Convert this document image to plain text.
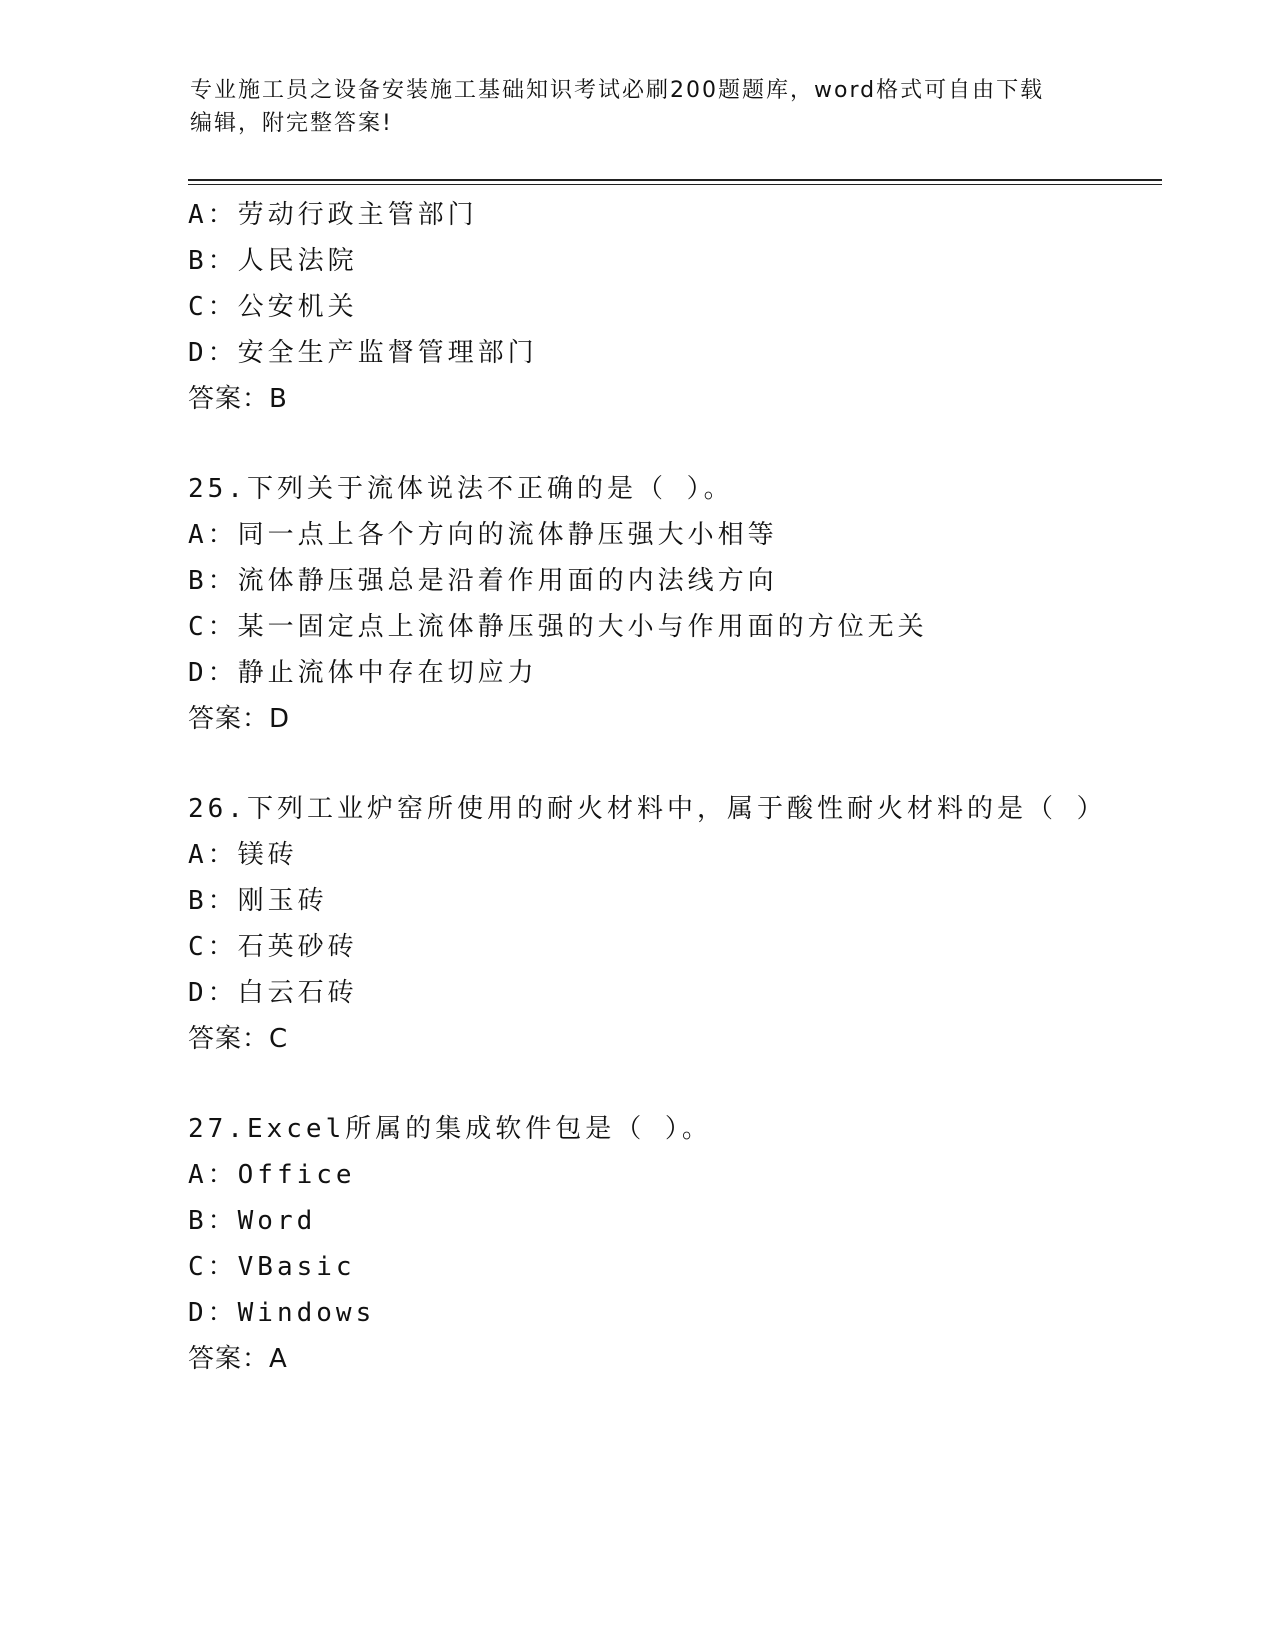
专业施工员之设备安装施工基础知识考试必刷200题题库，word格式可自由下载
编辑，附完整答案!
A：劳动行政主管部门
B：人民法院
C：公安机关
D：安全生产监督管理部门
答案：B
25.下列关于流体说法不正确的是（ ）。
A：同一点上各个方向的流体静压强大小相等
B：流体静压强总是沿着作用面的内法线方向
C：某一固定点上流体静压强的大小与作用面的方位无关
D：静止流体中存在切应力
答案：D
26.下列工业炉窑所使用的耐火材料中，属于酸性耐火材料的是（ ）
A：镁砖
B：刚玉砖
C：石英砂砖
D：白云石砖
答案：C
27.Excel所属的集成软件包是（ ）。
A：Office
B：Word
C：VBasic
D：Windows
答案：A
